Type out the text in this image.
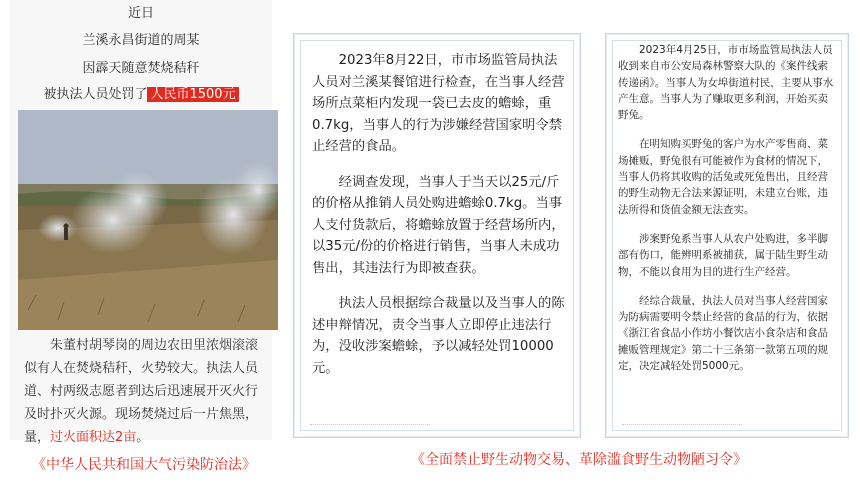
近日
兰溪永昌街道的周某
因霹天随意焚烧秸秆
被执法人员处罚了 人民币1500元
朱董村胡琴岗的周边农田里浓烟滚滚
似有人在焚烧秸秆，火势较大。执法人员
道、村两级志愿者到达后迅速展开灭火行
及时扑灭火源。现场焚烧过后一片焦黑，
量，过火面积达2亩。

2023年8月22日，市市场监管局执法人员对兰溪某餐馆进行检查，在当事人经营场所点菜柜内发现一袋已去皮的蟾蜍，重0.7kg，当事人的行为涉嫌经营国家明令禁止经营的食品。

经调查发现，当事人于当天以25元/斤的价格从推销人员处购进蟾蜍0.7kg。当事人支付货款后，将蟾蜍放置于经营场所内，以35元/份的价格进行销售，当事人未成功售出，其违法行为即被查获。

执法人员根据综合裁量以及当事人的陈述申辩情况，责令当事人立即停止违法行为，没收涉案蟾蜍，予以减轻处罚10000元。

2023年4月25日，市市场监管局执法人员收到来自市公安局森林警察大队的《案件线索传递函》。当事人为女埠街道村民，主要从事水产生意。当事人为了赚取更多利润，开始买卖野兔。

在明知购买野兔的客户为水产零售商、菜场摊贩，野兔很有可能被作为食材的情况下，当事人仍将其收购的活兔或死兔售出，且经营的野生动物无合法来源证明，未建立台账，违法所得和货值金额无法查实。

涉案野兔系当事人从农户处购进，多半脚部有伤口，能辨明系被捕获，属于陆生野生动物，不能以食用为目的进行生产经营。

经综合裁量，执法人员对当事人经营国家为防病需要明令禁止经营的食品的行为，依据《浙江省食品小作坊小餐饮店小食杂店和食品摊贩管理规定》第二十三条第一款第五项的规定，决定减轻处罚5000元。

《中华人民共和国大气污染防治法》	《全面禁止野生动物交易、革除滥食野生动物陋习令》
